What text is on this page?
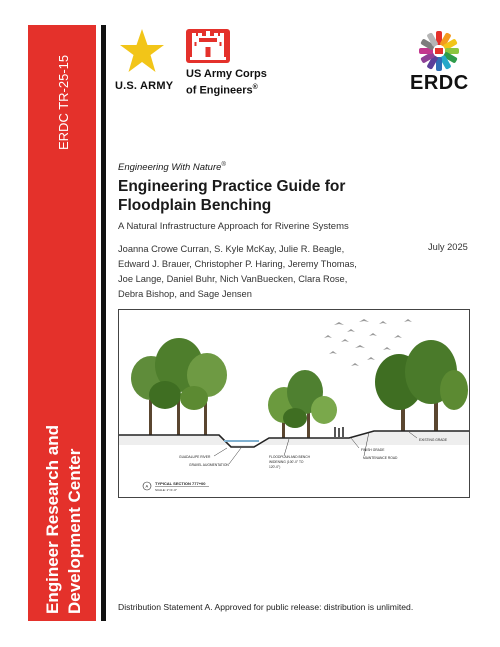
ERDC TR-25-15
Engineer Research and Development Center
U.S. ARMY
US Army Corps
of Engineers®	ERDC
Engineering With Nature®
Engineering Practice Guide for Floodplain Benching
A Natural Infrastructure Approach for Riverine Systems
Joanna Crowe Curran, S. Kyle McKay, Julie R. Beagle,
Edward J. Brauer, Christopher P. Haring, Jeremy Thomas,
Joe Lange, Daniel Buhr, Nich VanBuecken, Clara Rose,
Debra Bishop, and Sage Jensen
July 2025
GUADALUPE RIVER
GRAVEL AUGMENTATION
FLOODPLAIN AND BENCH
WIDENING (100'-0" TO
120'-0")
FINISH GRADE
MAINTENANCE ROAD
EXISTING GRADE
A TYPICAL SECTION 777+00
SCALE: 1"=1'-0"
Distribution Statement A. Approved for public release: distribution is unlimited.
